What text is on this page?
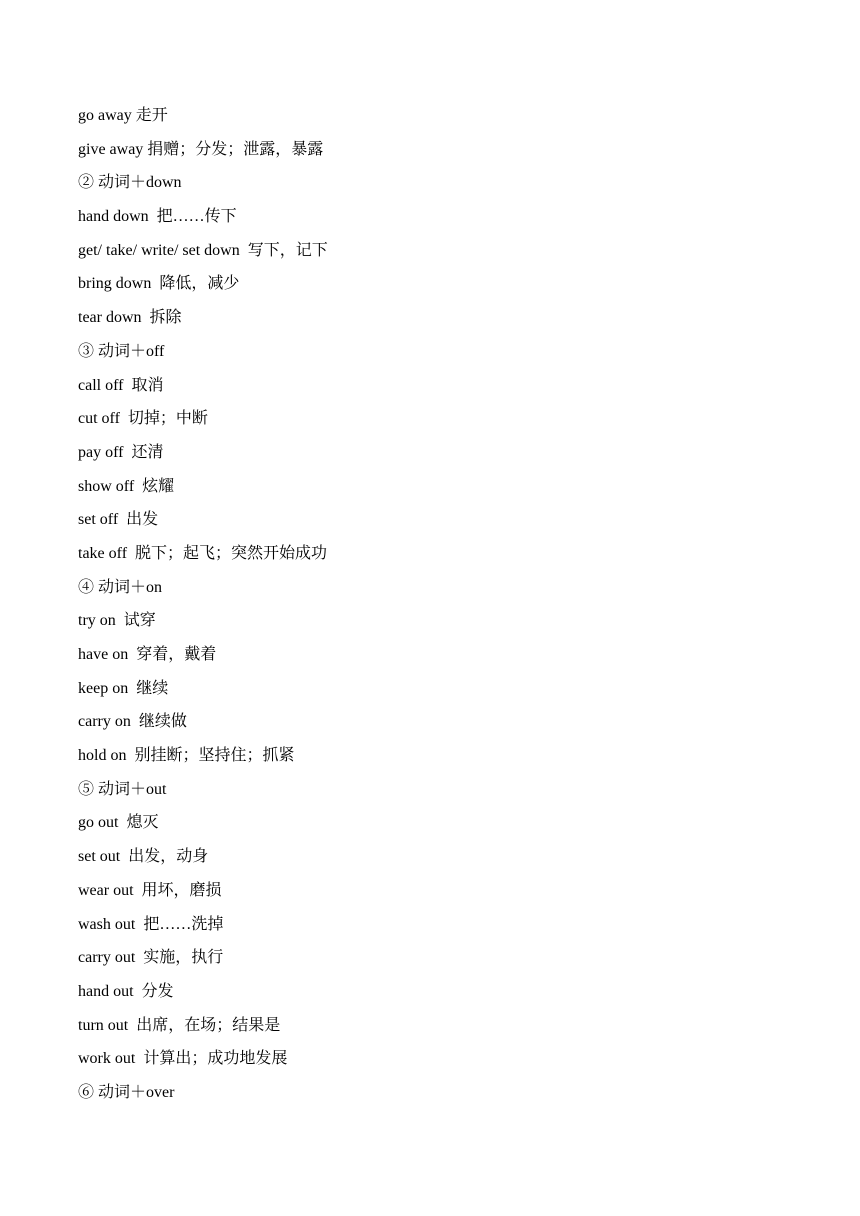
go away 走开
give away 捐赠；分发；泄露，暴露
② 动词＋down
hand down  把……传下
get/ take/ write/ set down  写下，记下
bring down  降低，减少
tear down  拆除
③ 动词＋off
call off  取消
cut off  切掉；中断
pay off  还清
show off  炫耀
set off  出发
take off  脱下；起飞；突然开始成功
④ 动词＋on
try on  试穿
have on  穿着，戴着
keep on  继续
carry on  继续做
hold on  别挂断；坚持住；抓紧
⑤ 动词＋out
go out  熄灭
set out  出发，动身
wear out  用坏，磨损
wash out  把……洗掉
carry out  实施，执行
hand out  分发
turn out  出席，在场；结果是
work out  计算出；成功地发展
⑥ 动词＋over
